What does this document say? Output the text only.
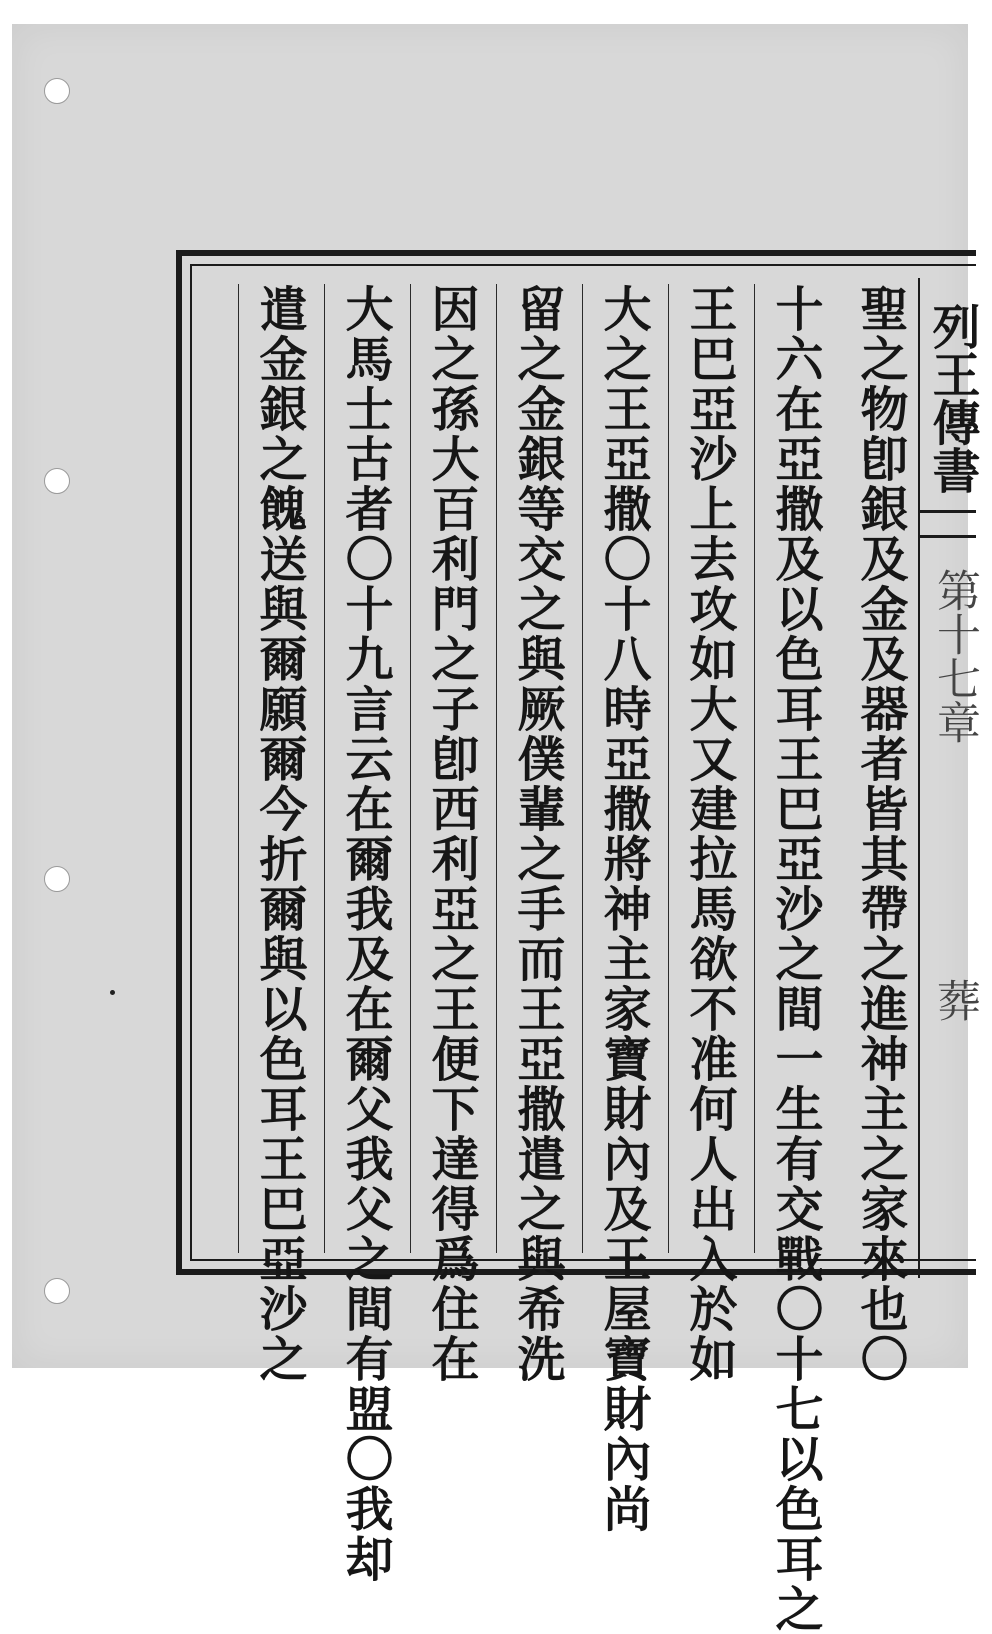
列王傳書
第十七章
葬
聖之物卽銀及金及器者皆其帶之進神主之家來也〇
十六在亞撒及以色耳王巴亞沙之間一生有交戰〇十七以色耳之
王巴亞沙上去攻如大又建拉馬欲不准何人出入於如
大之王亞撒〇十八時亞撒將神主家寶財內及王屋寶財內尚
留之金銀等交之與厥僕輩之手而王亞撒遣之與希洗
因之孫大百利門之子卽西利亞之王便下達得爲住在
大馬士古者〇十九言云在爾我及在爾父我父之間有盟〇我却
遣金銀之餽送與爾願爾今折爾與以色耳王巴亞沙之
